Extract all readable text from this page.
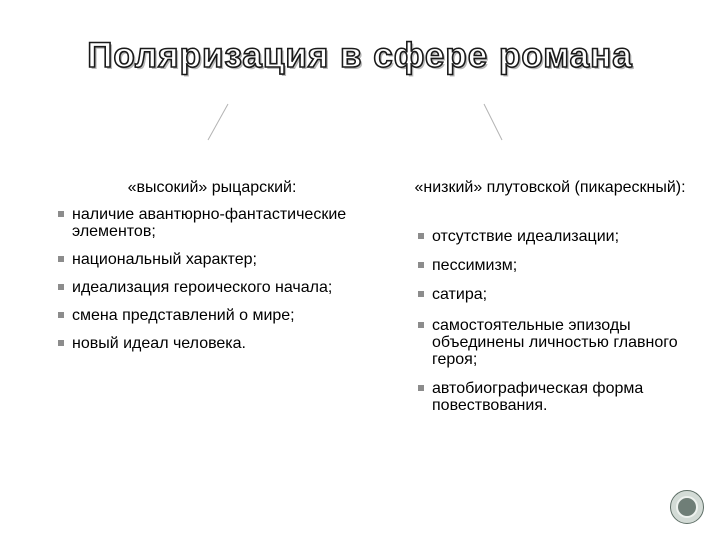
Поляризация в сфере романа
«высокий» рыцарский:
наличие авантюрно-фантастические элементов;
национальный характер;
идеализация героического начала;
смена представлений о мире;
новый идеал человека.
«низкий» плутовской (пикарескный):
отсутствие идеализации;
пессимизм;
сатира;
самостоятельные эпизоды объединены личностью главного героя;
автобиографическая форма повествования.
